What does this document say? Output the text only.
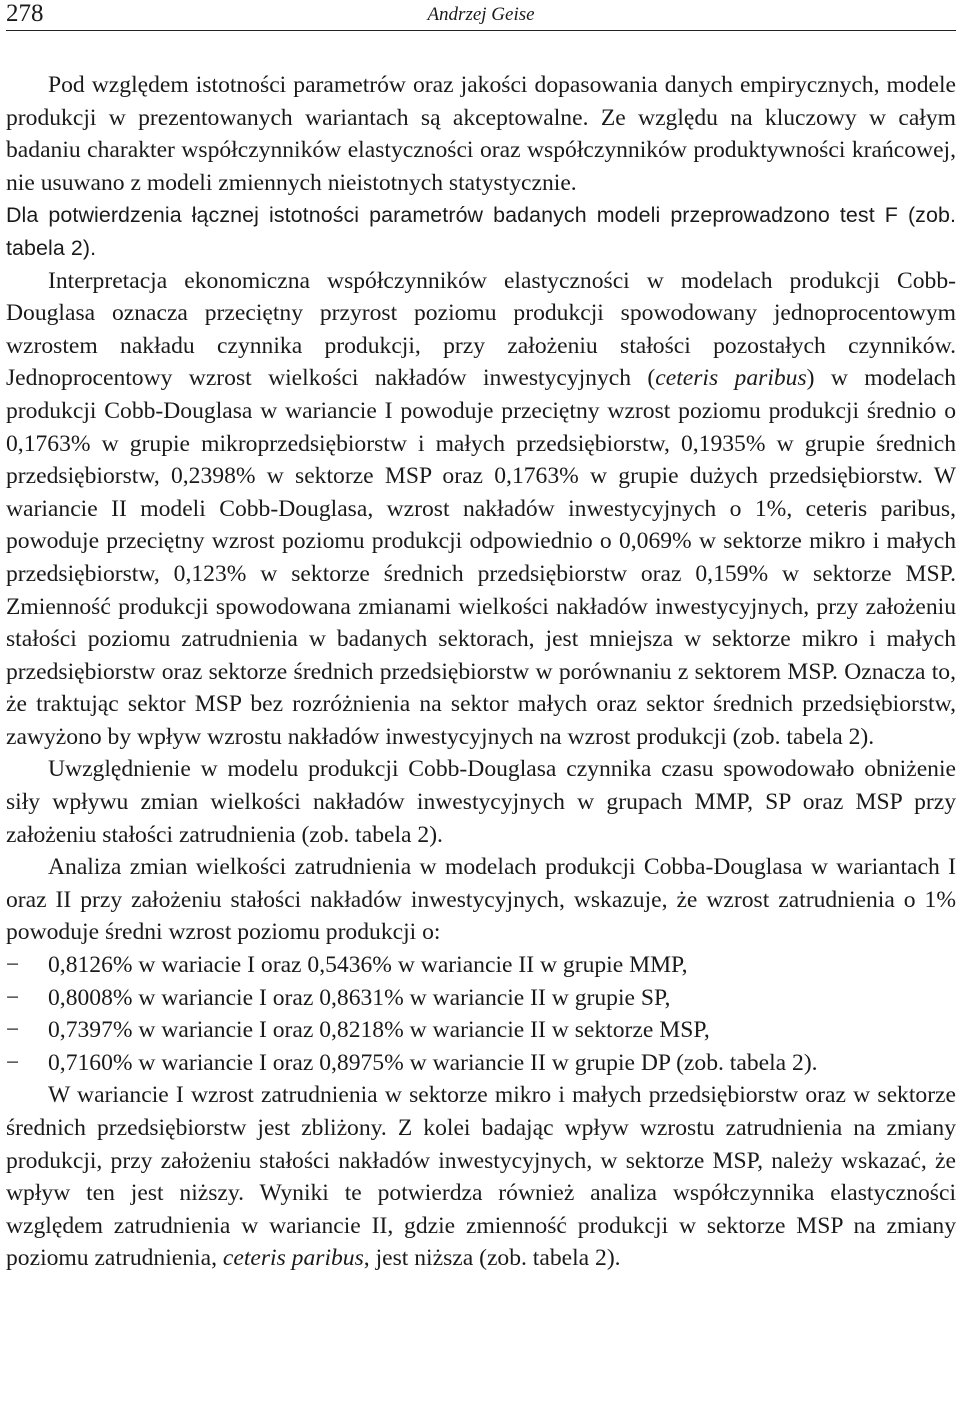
278	Andrzej Geise

Pod względem istotności parametrów oraz jakości dopasowania danych empirycznych, modele produkcji w prezentowanych wariantach są akceptowalne. Ze względu na kluczowy w całym badaniu charakter współczynników elastyczności oraz współczynników produktywności krańcowej, nie usuwano z modeli zmiennych nieistotnych statystycznie.

Dla potwierdzenia łącznej istotności parametrów badanych modeli przeprowadzono test F (zob. tabela 2).

Interpretacja ekonomiczna współczynników elastyczności w modelach produkcji Cobb-Douglasa oznacza przeciętny przyrost poziomu produkcji spowodowany jednoprocentowym wzrostem nakładu czynnika produkcji, przy założeniu stałości pozostałych czynników. Jednoprocentowy wzrost wielkości nakładów inwestycyjnych (ceteris paribus) w modelach produkcji Cobb-Douglasa w wariancie I powoduje przeciętny wzrost poziomu produkcji średnio o 0,1763% w grupie mikroprzedsiębiorstw i małych przedsiębiorstw, 0,1935% w grupie średnich przedsiębiorstw, 0,2398% w sektorze MSP oraz 0,1763% w grupie dużych przedsiębiorstw. W wariancie II modeli Cobb-Douglasa, wzrost nakładów inwestycyjnych o 1%, ceteris paribus, powoduje przeciętny wzrost poziomu produkcji odpowiednio o 0,069% w sektorze mikro i małych przedsiębiorstw, 0,123% w sektorze średnich przedsiębiorstw oraz 0,159% w sektorze MSP. Zmienność produkcji spowodowana zmianami wielkości nakładów inwestycyjnych, przy założeniu stałości poziomu zatrudnienia w badanych sektorach, jest mniejsza w sektorze mikro i małych przedsiębiorstw oraz sektorze średnich przedsiębiorstw w porównaniu z sektorem MSP. Oznacza to, że traktując sektor MSP bez rozróżnienia na sektor małych oraz sektor średnich przedsiębiorstw, zawyżono by wpływ wzrostu nakładów inwestycyjnych na wzrost produkcji (zob. tabela 2).

Uwzględnienie w modelu produkcji Cobb-Douglasa czynnika czasu spowodowało obniżenie siły wpływu zmian wielkości nakładów inwestycyjnych w grupach MMP, SP oraz MSP przy założeniu stałości zatrudnienia (zob. tabela 2).

Analiza zmian wielkości zatrudnienia w modelach produkcji Cobba-Douglasa w wariantach I oraz II przy założeniu stałości nakładów inwestycyjnych, wskazuje, że wzrost zatrudnienia o 1% powoduje średni wzrost poziomu produkcji o:

− 0,8126% w wariacie I oraz 0,5436% w wariancie II w grupie MMP,
− 0,8008% w wariancie I oraz 0,8631% w wariancie II w grupie SP,
− 0,7397% w wariancie I oraz 0,8218% w wariancie II w sektorze MSP,
− 0,7160% w wariancie I oraz 0,8975% w wariancie II w grupie DP (zob. tabela 2).

W wariancie I wzrost zatrudnienia w sektorze mikro i małych przedsiębiorstw oraz w sektorze średnich przedsiębiorstw jest zbliżony. Z kolei badając wpływ wzrostu zatrudnienia na zmiany produkcji, przy założeniu stałości nakładów inwestycyjnych, w sektorze MSP, należy wskazać, że wpływ ten jest niższy. Wyniki te potwierdza również analiza współczynnika elastyczności względem zatrudnienia w wariancie II, gdzie zmienność produkcji w sektorze MSP na zmiany poziomu zatrudnienia, ceteris paribus, jest niższa (zob. tabela 2).
